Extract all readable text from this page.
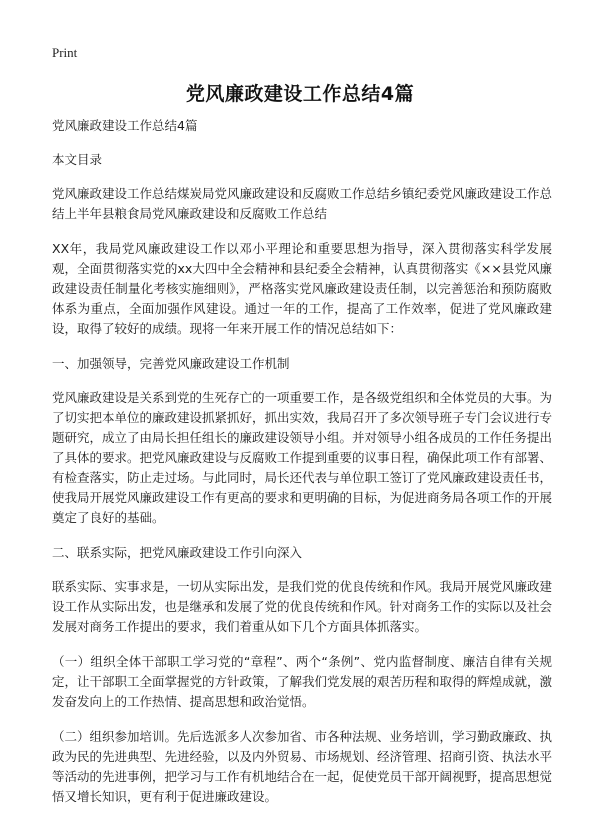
Print
党风廉政建设工作总结4篇

党风廉政建设工作总结4篇

本文目录

党风廉政建设工作总结煤炭局党风廉政建设和反腐败工作总结乡镇纪委党风廉政建设工作总结上半年县粮食局党风廉政建设和反腐败工作总结

XX年，我局党风廉政建设工作以邓小平理论和重要思想为指导，深入贯彻落实科学发展观，全面贯彻落实党的xx大四中全会精神和县纪委全会精神，认真贯彻落实《××县党风廉政建设责任制量化考核实施细则》，严格落实党风廉政建设责任制，以完善惩治和预防腐败体系为重点，全面加强作风建设。通过一年的工作，提高了工作效率，促进了党风廉政建设，取得了较好的成绩。现将一年来开展工作的情况总结如下：

一、加强领导，完善党风廉政建设工作机制

党风廉政建设是关系到党的生死存亡的一项重要工作，是各级党组织和全体党员的大事。为了切实把本单位的廉政建设抓紧抓好，抓出实效，我局召开了多次领导班子专门会议进行专题研究，成立了由局长担任组长的廉政建设领导小组。并对领导小组各成员的工作任务提出了具体的要求。把党风廉政建设与反腐败工作提到重要的议事日程，确保此项工作有部署、有检查落实，防止走过场。与此同时，局长还代表与单位职工签订了党风廉政建设责任书，使我局开展党风廉政建设工作有更高的要求和更明确的目标，为促进商务局各项工作的开展奠定了良好的基础。

二、联系实际，把党风廉政建设工作引向深入

联系实际、实事求是，一切从实际出发，是我们党的优良传统和作风。我局开展党风廉政建设工作从实际出发，也是继承和发展了党的优良传统和作风。针对商务工作的实际以及社会发展对商务工作提出的要求，我们着重从如下几个方面具体抓落实。

（一）组织全体干部职工学习党的“章程”、两个“条例”、党内监督制度、廉洁自律有关规定，让干部职工全面掌握党的方针政策，了解我们党发展的艰苦历程和取得的辉煌成就，激发奋发向上的工作热情、提高思想和政治觉悟。

（二）组织参加培训。先后选派多人次参加省、市各种法规、业务培训，学习勤政廉政、执政为民的先进典型、先进经验，以及内外贸易、市场规划、经济管理、招商引资、执法水平等活动的先进事例，把学习与工作有机地结合在一起，促使党员干部开阔视野，提高思想觉悟又增长知识，更有利于促进廉政建设。
